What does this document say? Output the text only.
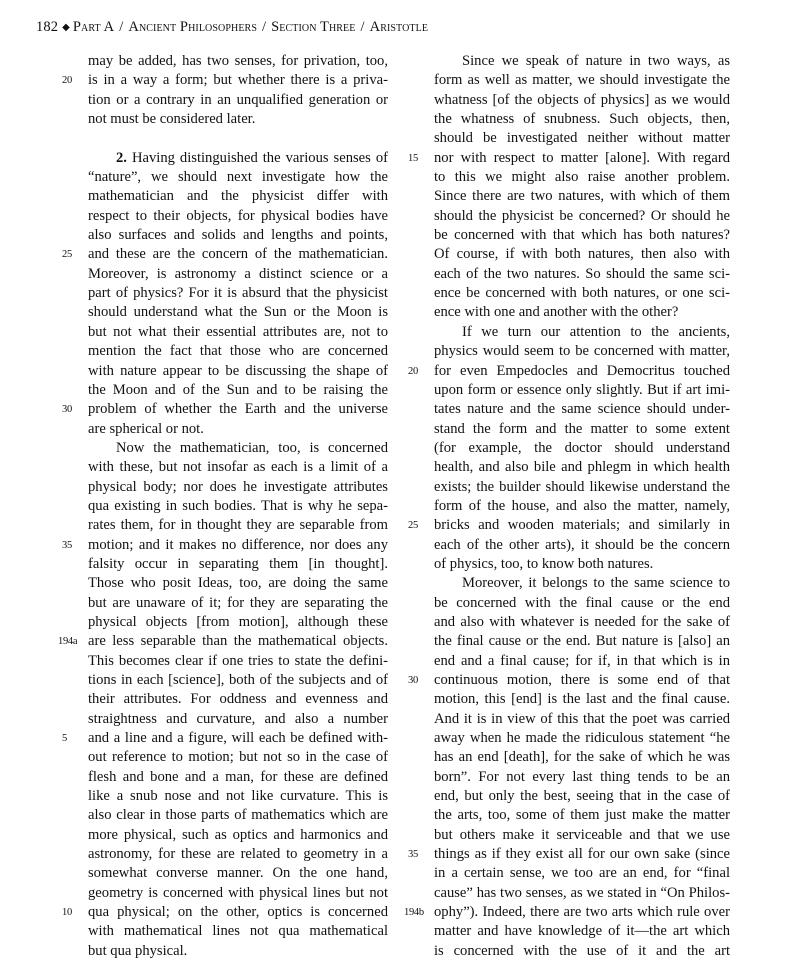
182 ◆ Part A / Ancient Philosophers / Section Three / Aristotle
may be added, has two senses, for privation, too,
20	is in a way a form; but whether there is a priva-
tion or a contrary in an unqualified generation or
not must be considered later.
2. Having distinguished the various senses of
“nature”, we should next investigate how the
mathematician and the physicist differ with
respect to their objects, for physical bodies have
also surfaces and solids and lengths and points,
25	and these are the concern of the mathematician.
Moreover, is astronomy a distinct science or a
part of physics? For it is absurd that the physicist
should understand what the Sun or the Moon is
but not what their essential attributes are, not to
mention the fact that those who are concerned
with nature appear to be discussing the shape of
the Moon and of the Sun and to be raising the
30	problem of whether the Earth and the universe
are spherical or not.
Now the mathematician, too, is concerned
with these, but not insofar as each is a limit of a
physical body; nor does he investigate attributes
qua existing in such bodies. That is why he sepa-
rates them, for in thought they are separable from
35	motion; and it makes no difference, nor does any
falsity occur in separating them [in thought].
Those who posit Ideas, too, are doing the same
but are unaware of it; for they are separating the
physical objects [from motion], although these
194a are less separable than the mathematical objects.
This becomes clear if one tries to state the defini-
tions in each [science], both of the subjects and of
their attributes. For oddness and evenness and
straightness and curvature, and also a number
5	and a line and a figure, will each be defined with-
out reference to motion; but not so in the case of
flesh and bone and a man, for these are defined
like a snub nose and not like curvature. This is
also clear in those parts of mathematics which are
more physical, such as optics and harmonics and
astronomy, for these are related to geometry in a
somewhat converse manner. On the one hand,
geometry is concerned with physical lines but not
10	qua physical; on the other, optics is concerned
with mathematical lines not qua mathematical
but qua physical.
Since we speak of nature in two ways, as
form as well as matter, we should investigate the
whatness [of the objects of physics] as we would
the whatness of snubness. Such objects, then,
should be investigated neither without matter
15	nor with respect to matter [alone]. With regard
to this we might also raise another problem.
Since there are two natures, with which of them
should the physicist be concerned? Or should he
be concerned with that which has both natures?
Of course, if with both natures, then also with
each of the two natures. So should the same sci-
ence be concerned with both natures, or one sci-
ence with one and another with the other?
If we turn our attention to the ancients,
physics would seem to be concerned with matter,
20	for even Empedocles and Democritus touched
upon form or essence only slightly. But if art imi-
tates nature and the same science should under-
stand the form and the matter to some extent
(for example, the doctor should understand
health, and also bile and phlegm in which health
exists; the builder should likewise understand the
form of the house, and also the matter, namely,
25	bricks and wooden materials; and similarly in
each of the other arts), it should be the concern
of physics, too, to know both natures.
Moreover, it belongs to the same science to
be concerned with the final cause or the end
and also with whatever is needed for the sake of
the final cause or the end. But nature is [also] an
end and a final cause; for if, in that which is in
30	continuous motion, there is some end of that
motion, this [end] is the last and the final cause.
And it is in view of this that the poet was carried
away when he made the ridiculous statement “he
has an end [death], for the sake of which he was
born”. For not every last thing tends to be an
end, but only the best, seeing that in the case of
the arts, too, some of them just make the matter
but others make it serviceable and that we use
35	things as if they exist all for our own sake (since
in a certain sense, we too are an end, for “final
cause” has two senses, as we stated in “On Philos-
194b ophy”). Indeed, there are two arts which rule over
matter and have knowledge of it—the art which
is concerned with the use of it and the art
